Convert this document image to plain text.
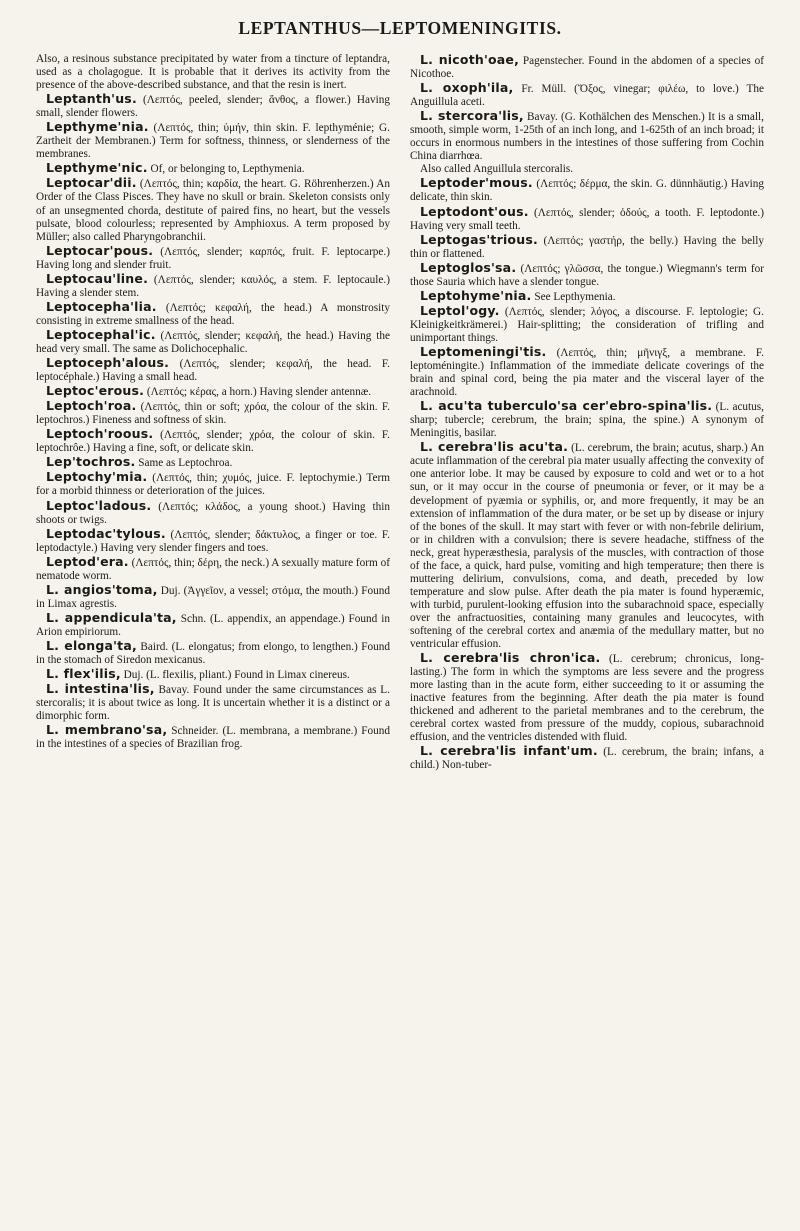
LEPTANTHUS—LEPTOMENINGITIS.

Also, a resinous substance precipitated by water from a tincture of leptandra, used as a cholagogue. It is probable that it derives its activity from the presence of the above-described substance, and that the resin is inert.

Leptanth'us. (Λεπτός, peeled, slender; ἄνθος, a flower.) Having small, slender flowers.

Lepthyme'nia. (Λεπτός, thin; ὑμήν, thin skin. F. lepthyménie; G. Zartheit der Membranen.) Term for softness, thinness, or slenderness of the membranes.

Lepthyme'nic. Of, or belonging to, Lepthymenia.

Leptocar'dii. (Λεπτός, thin; καρδία, the heart. G. Röhrenherzen.) An Order of the Class Pisces. They have no skull or brain. Skeleton consists only of an unsegmented chorda, destitute of paired fins, no heart, but the vessels pulsate, blood colourless; represented by Amphioxus. A term proposed by Müller; also called Pharyngobranchii.

Leptocar'pous. (Λεπτός, slender; καρπός, fruit. F. leptocarpe.) Having long and slender fruit.

Leptocau'line. (Λεπτός, slender; καυλός, a stem. F. leptocaule.) Having a slender stem.

Leptocepha'lia. (Λεπτός; κεφαλή, the head.) A monstrosity consisting in extreme smallness of the head.

Leptocephal'ic. (Λεπτός, slender; κεφαλή, the head.) Having the head very small. The same as Dolichocephalic.

Leptoceph'alous. (Λεπτός, slender; κεφαλή, the head. F. leptocéphale.) Having a small head.

Leptoc'erous. (Λεπτός; κέρας, a horn.) Having slender antennæ.

Leptoch'roa. (Λεπτός, thin or soft; χρόα, the colour of the skin. F. leptochros.) Fineness and softness of skin.

Leptoch'roous. (Λεπτός, slender; χρόα, the colour of skin. F. leptochrôe.) Having a fine, soft, or delicate skin.

Lep'tochros. Same as Leptochroa.

Leptochy'mia. (Λεπτός, thin; χυμός, juice. F. leptochymie.) Term for a morbid thinness or deterioration of the juices.

Leptoc'ladous. (Λεπτός; κλάδος, a young shoot.) Having thin shoots or twigs.

Leptodac'tylous. (Λεπτός, slender; δάκτυλος, a finger or toe. F. leptodactyle.) Having very slender fingers and toes.

Leptod'era. (Λεπτός, thin; δέρη, the neck.) A sexually mature form of nematode worm.

L. angios'toma, Duj. (Ἀγγεῖον, a vessel; στόμα, the mouth.) Found in Limax agrestis.

L. appendicula'ta, Schn. (L. appendix, an appendage.) Found in Arion empiriorum.

L. elonga'ta, Baird. (L. elongatus; from elongo, to lengthen.) Found in the stomach of Siredon mexicanus.

L. flex'ilis, Duj. (L. flexilis, pliant.) Found in Limax cinereus.

L. intestina'lis, Bavay. Found under the same circumstances as L. stercoralis; it is about twice as long. It is uncertain whether it is a distinct or a dimorphic form.

L. membrano'sa, Schneider. (L. membrana, a membrane.) Found in the intestines of a species of Brazilian frog.

L. nicoth'oae, Pagenstecher. Found in the abdomen of a species of Nicothoe.

L. oxoph'ila, Fr. Müll. (Ὄξος, vinegar; φιλέω, to love.) The Anguillula aceti.

L. stercora'lis, Bavay. (G. Kothälchen des Menschen.) It is a small, smooth, simple worm, 1-25th of an inch long, and 1-625th of an inch broad; it occurs in enormous numbers in the intestines of those suffering from Cochin China diarrhœa.

Also called Anguillula stercoralis.

Leptoder'mous. (Λεπτός; δέρμα, the skin. G. dünnhäutig.) Having delicate, thin skin.

Leptodont'ous. (Λεπτός, slender; ὀδούς, a tooth. F. leptodonte.) Having very small teeth.

Leptogas'trious. (Λεπτός; γαστήρ, the belly.) Having the belly thin or flattened.

Leptoglos'sa. (Λεπτός; γλῶσσα, the tongue.) Wiegmann's term for those Sauria which have a slender tongue.

Leptohyme'nia. See Lepthymenia.

Leptol'ogy. (Λεπτός, slender; λόγος, a discourse. F. leptologie; G. Kleinigkeitkrämerei.) Hair-splitting; the consideration of trifling and unimportant things.

Leptomeningi'tis. (Λεπτός, thin; μῆνιγξ, a membrane. F. leptoméningite.) Inflammation of the immediate delicate coverings of the brain and spinal cord, being the pia mater and the visceral layer of the arachnoid.

L. acu'ta tuberculo'sa cer'ebro-spina'lis. (L. acutus, sharp; tubercle; cerebrum, the brain; spina, the spine.) A synonym of Meningitis, basilar.

L. cerebra'lis acu'ta. (L. cerebrum, the brain; acutus, sharp.) An acute inflammation of the cerebral pia mater usually affecting the convexity of one anterior lobe. It may be caused by exposure to cold and wet or to a hot sun, or it may occur in the course of pneumonia or fever, or it may be a development of pyæmia or syphilis, or, and more frequently, it may be an extension of inflammation of the dura mater, or be set up by disease or injury of the bones of the skull. It may start with fever or with non-febrile delirium, or in children with a convulsion; there is severe headache, stiffness of the neck, great hyperæsthesia, paralysis of the muscles, with contraction of those of the face, a quick, hard pulse, vomiting and high temperature; then there is muttering delirium, convulsions, coma, and death, preceded by low temperature and slow pulse. After death the pia mater is found hyperæmic, with turbid, purulent-looking effusion into the subarachnoid space, especially over the anfractuosities, containing many granules and leucocytes, with softening of the cerebral cortex and anæmia of the medullary matter, but no ventricular effusion.

L. cerebra'lis chron'ica. (L. cerebrum; chronicus, long-lasting.) The form in which the symptoms are less severe and the progress more lasting than in the acute form, either succeeding to it or assuming the inactive features from the beginning. After death the pia mater is found thickened and adherent to the parietal membranes and to the cerebrum, the cerebral cortex wasted from pressure of the muddy, copious, subarachnoid effusion, and the ventricles distended with fluid.

L. cerebra'lis infant'um. (L. cerebrum, the brain; infans, a child.) Non-tuber-
